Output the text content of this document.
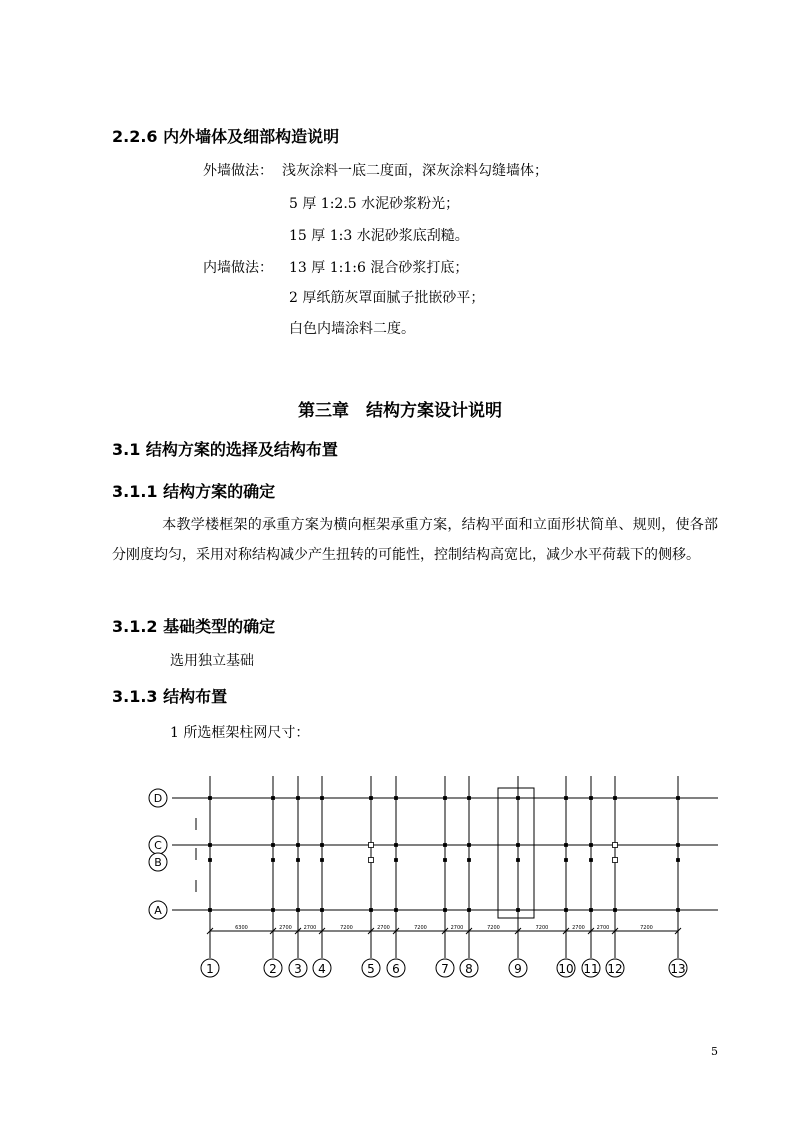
2.2.6 内外墙体及细部构造说明
外墙做法： 浅灰涂料一底二度面，深灰涂料勾缝墙体；
5 厚 1:2.5 水泥砂浆粉光；
15 厚 1:3 水泥砂浆底刮糙。
内墙做法： 13 厚 1:1:6 混合砂浆打底；
2 厚纸筋灰罩面腻子批嵌砂平；
白色内墙涂料二度。
第三章　结构方案设计说明
3.1 结构方案的选择及结构布置
3.1.1 结构方案的确定
本教学楼框架的承重方案为横向框架承重方案，结构平面和立面形状简单、规则，使各部分刚度均匀，采用对称结构减少产生扭转的可能性，控制结构高宽比，减少水平荷载下的侧移。
3.1.2 基础类型的确定
选用独立基础
3.1.3 结构布置
1 所选框架柱网尺寸：
1	2 3 4	5 6	7 8	9	10 11 12	13
D
C
B
A
6300	2700 2700	7200	2700	7200	2700	7200	7200	2700 2700	7200
5
